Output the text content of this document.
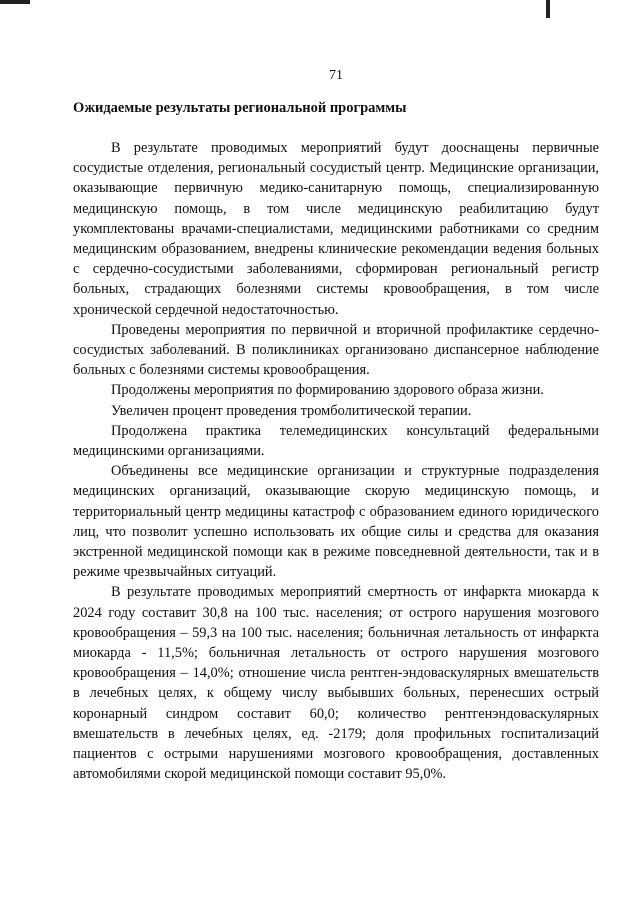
71
Ожидаемые результаты региональной программы

В результате проводимых мероприятий будут дооснащены первичные сосудистые отделения, региональный сосудистый центр. Медицинские организации, оказывающие первичную медико-санитарную помощь, специализированную медицинскую помощь, в том числе медицинскую реабилитацию будут укомплектованы врачами-специалистами, медицинскими работниками со средним медицинским образованием, внедрены клинические рекомендации ведения больных с сердечно-сосудистыми заболеваниями, сформирован региональный регистр больных, страдающих болезнями системы кровообращения, в том числе хронической сердечной недостаточностью.

Проведены мероприятия по первичной и вторичной профилактике сердечно-сосудистых заболеваний. В поликлиниках организовано диспансерное наблюдение больных с болезнями системы кровообращения.

Продолжены мероприятия по формированию здорового образа жизни.

Увеличен процент проведения тромболитической терапии.

Продолжена практика телемедицинских консультаций федеральными медицинскими организациями.

Объединены все медицинские организации и структурные подразделения медицинских организаций, оказывающие скорую медицинскую помощь, и территориальный центр медицины катастроф с образованием единого юридического лиц, что позволит успешно использовать их общие силы и средства для оказания экстренной медицинской помощи как в режиме повседневной деятельности, так и в режиме чрезвычайных ситуаций.

В результате проводимых мероприятий смертность от инфаркта миокарда к 2024 году составит 30,8 на 100 тыс. населения; от острого нарушения мозгового кровообращения – 59,3 на 100 тыс. населения; больничная летальность от инфаркта миокарда - 11,5%; больничная летальность от острого нарушения мозгового кровообращения – 14,0%; отношение числа рентген-эндоваскулярных вмешательств в лечебных целях, к общему числу выбывших больных, перенесших острый коронарный синдром составит 60,0; количество рентгенэндоваскулярных вмешательств в лечебных целях, ед. -2179; доля профильных госпитализаций пациентов с острыми нарушениями мозгового кровообращения, доставленных автомобилями скорой медицинской помощи составит 95,0%.
